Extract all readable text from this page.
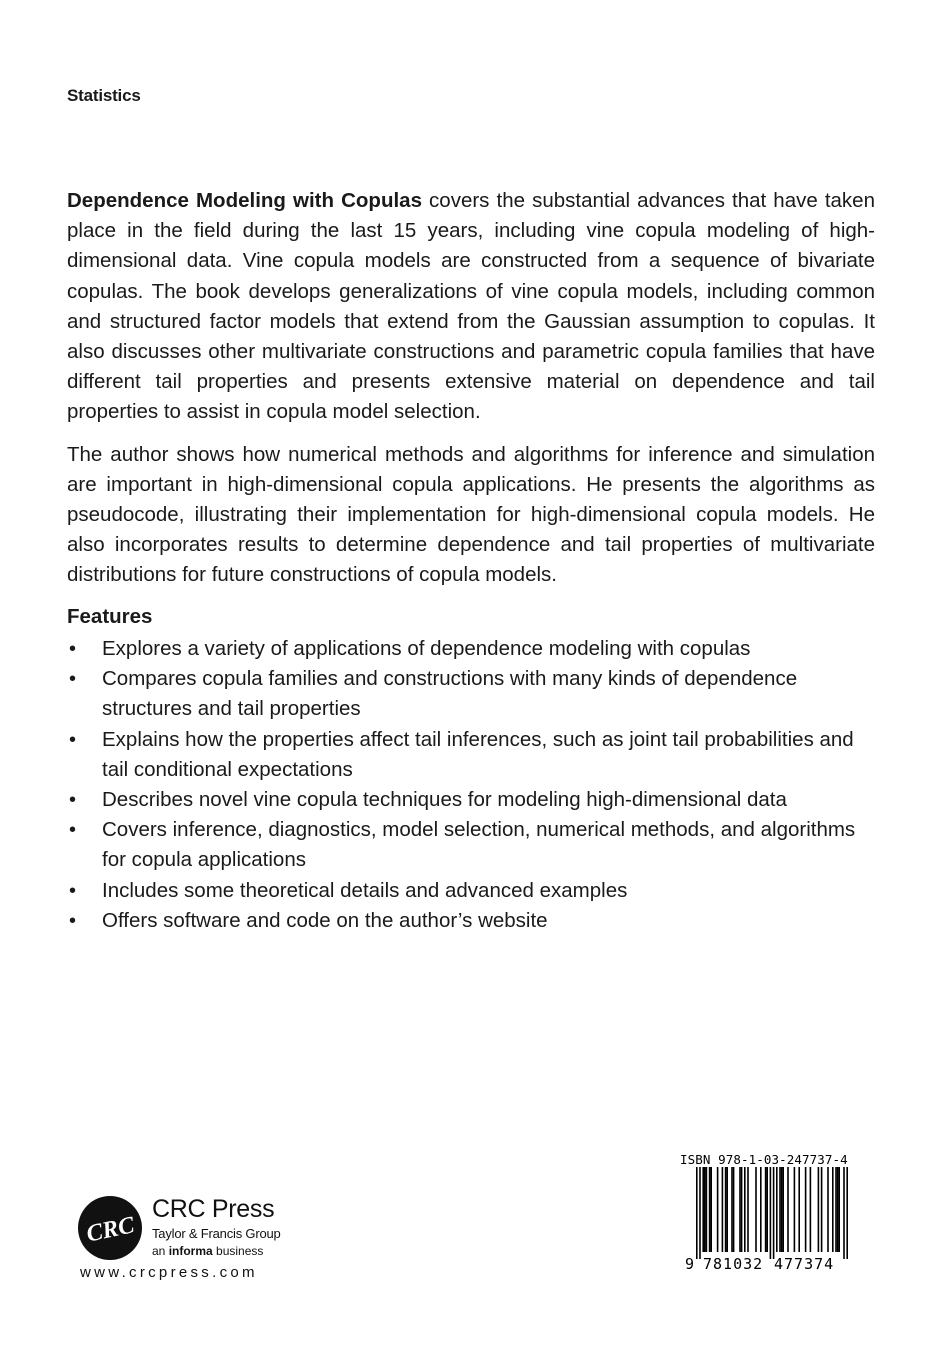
Statistics

Dependence Modeling with Copulas covers the substantial advances that have taken place in the field during the last 15 years, including vine copula modeling of high-dimensional data. Vine copula models are constructed from a sequence of bivariate copulas. The book develops generalizations of vine copula models, including common and structured factor models that extend from the Gaussian assumption to copulas. It also discusses other multivariate constructions and parametric copula families that have different tail properties and presents extensive material on dependence and tail properties to assist in copula model selection.

The author shows how numerical methods and algorithms for inference and simulation are important in high-dimensional copula applications. He presents the algorithms as pseudocode, illustrating their implementation for high-dimensional copula models. He also incorporates results to determine dependence and tail properties of multivariate distributions for future constructions of copula models.

Features
• Explores a variety of applications of dependence modeling with copulas
• Compares copula families and constructions with many kinds of dependence structures and tail properties
• Explains how the properties affect tail inferences, such as joint tail probabilities and tail conditional expectations
• Describes novel vine copula techniques for modeling high-dimensional data
• Covers inference, diagnostics, model selection, numerical methods, and algorithms for copula applications
• Includes some theoretical details and advanced examples
• Offers software and code on the author’s website
CRC
CRC Press
Taylor & Francis Group
an informa business
www.crcpress.com
ISBN 978-1-03-247737-4
9 781032 477374
